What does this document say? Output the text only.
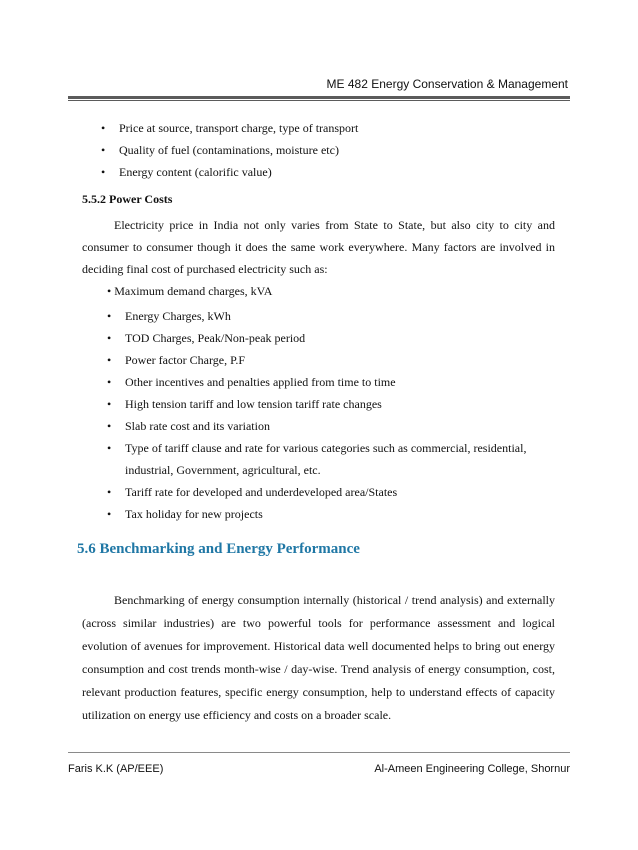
ME 482 Energy Conservation & Management
• Price at source, transport charge, type of transport
• Quality of fuel (contaminations, moisture etc)
• Energy content (calorific value)
5.5.2 Power Costs

Electricity price in India not only varies from State to State, but also city to city and consumer to consumer though it does the same work everywhere. Many factors are involved in deciding final cost of purchased electricity such as:

• Maximum demand charges, kVA
• Energy Charges, kWh
• TOD Charges, Peak/Non-peak period
• Power factor Charge, P.F
• Other incentives and penalties applied from time to time
• High tension tariff and low tension tariff rate changes
• Slab rate cost and its variation
• Type of tariff clause and rate for various categories such as commercial, residential, industrial, Government, agricultural, etc.
• Tariff rate for developed and underdeveloped area/States
• Tax holiday for new projects
5.6 Benchmarking and Energy Performance

Benchmarking of energy consumption internally (historical / trend analysis) and externally (across similar industries) are two powerful tools for performance assessment and logical evolution of avenues for improvement. Historical data well documented helps to bring out energy consumption and cost trends month-wise / day-wise. Trend analysis of energy consumption, cost, relevant production features, specific energy consumption, help to understand effects of capacity utilization on energy use efficiency and costs on a broader scale.

Faris K.K (AP/EEE)	Al-Ameen Engineering College, Shornur
